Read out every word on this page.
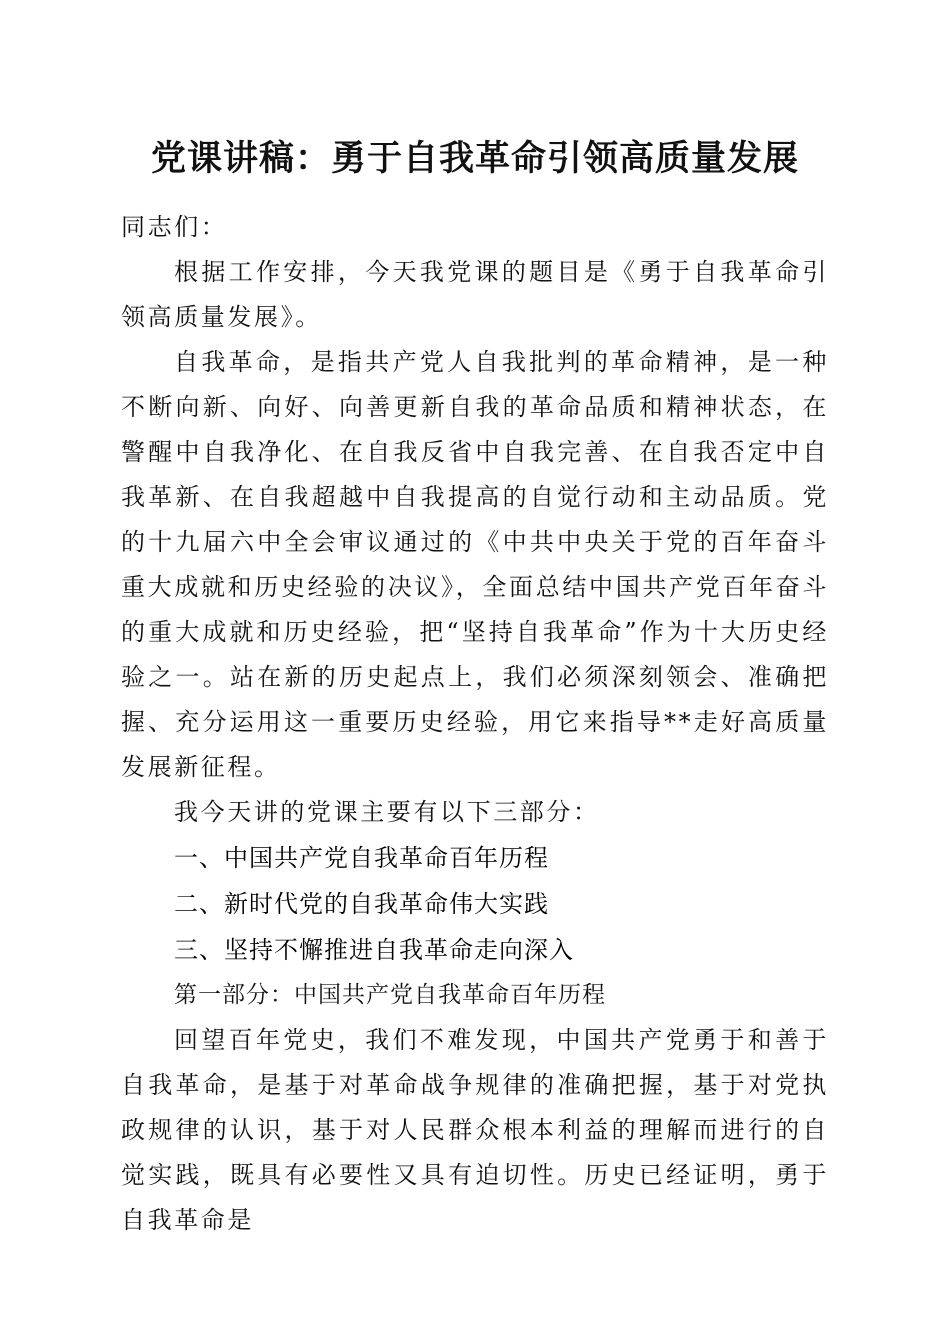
党课讲稿：勇于自我革命引领高质量发展

同志们：

根据工作安排，今天我党课的题目是《勇于自我革命引领高质量发展》。

自我革命，是指共产党人自我批判的革命精神，是一种不断向新、向好、向善更新自我的革命品质和精神状态，在警醒中自我净化、在自我反省中自我完善、在自我否定中自我革新、在自我超越中自我提高的自觉行动和主动品质。党的十九届六中全会审议通过的《中共中央关于党的百年奋斗重大成就和历史经验的决议》，全面总结中国共产党百年奋斗的重大成就和历史经验，把“坚持自我革命”作为十大历史经验之一。站在新的历史起点上，我们必须深刻领会、准确把握、充分运用这一重要历史经验，用它来指导**走好高质量发展新征程。

我今天讲的党课主要有以下三部分：

一、中国共产党自我革命百年历程

二、新时代党的自我革命伟大实践

三、坚持不懈推进自我革命走向深入

第一部分：中国共产党自我革命百年历程

回望百年党史，我们不难发现，中国共产党勇于和善于自我革命，是基于对革命战争规律的准确把握，基于对党执政规律的认识，基于对人民群众根本利益的理解而进行的自觉实践，既具有必要性又具有迫切性。历史已经证明，勇于自我革命是
